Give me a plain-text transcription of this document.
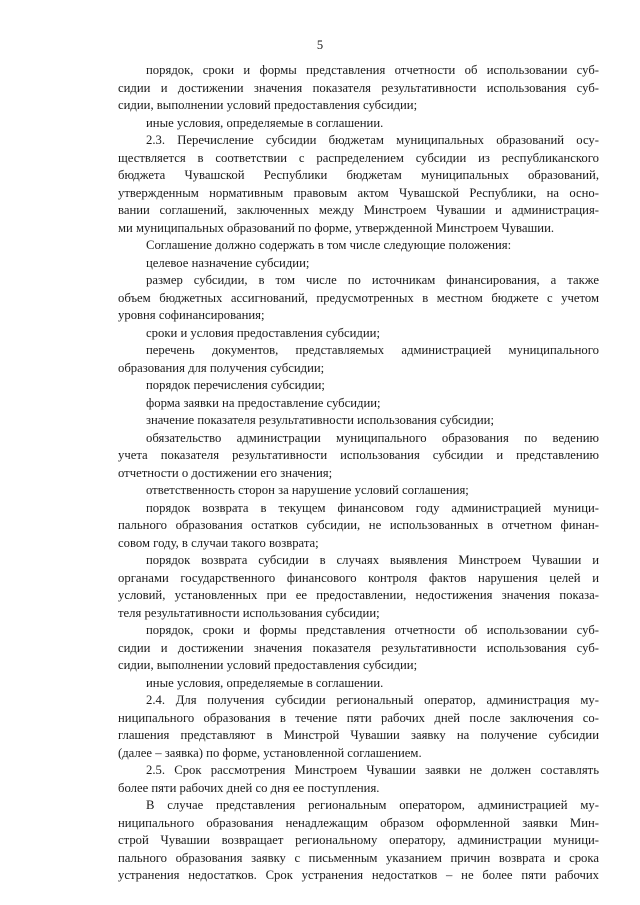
5
порядок, сроки и формы представления отчетности об использовании суб-
сидии и достижении значения показателя результативности использования суб-
сидии, выполнении условий предоставления субсидии;
иные условия, определяемые в соглашении.
2.3. Перечисление субсидии бюджетам муниципальных образований осу-
ществляется в соответствии с распределением субсидии из республиканского
бюджета Чувашской Республики бюджетам муниципальных образований,
утвержденным нормативным правовым актом Чувашской Республики, на осно-
вании соглашений, заключенных между Минстроем Чувашии и администрация-
ми муниципальных образований по форме, утвержденной Минстроем Чувашии.
Соглашение должно содержать в том числе следующие положения:
целевое назначение субсидии;
размер субсидии, в том числе по источникам финансирования, а также
объем бюджетных ассигнований, предусмотренных в местном бюджете с учетом
уровня софинансирования;
сроки и условия предоставления субсидии;
перечень документов, представляемых администрацией муниципального
образования для получения субсидии;
порядок перечисления субсидии;
форма заявки на предоставление субсидии;
значение показателя результативности использования субсидии;
обязательство администрации муниципального образования по ведению
учета показателя результативности использования субсидии и представлению
отчетности о достижении его значения;
ответственность сторон за нарушение условий соглашения;
порядок возврата в текущем финансовом году администрацией муници-
пального образования остатков субсидии, не использованных в отчетном финан-
совом году, в случаи такого возврата;
порядок возврата субсидии в случаях выявления Минстроем Чувашии и
органами государственного финансового контроля фактов нарушения целей и
условий, установленных при ее предоставлении, недостижения значения показа-
теля результативности использования субсидии;
порядок, сроки и формы представления отчетности об использовании суб-
сидии и достижении значения показателя результативности использования суб-
сидии, выполнении условий предоставления субсидии;
иные условия, определяемые в соглашении.
2.4. Для получения субсидии региональный оператор, администрация му-
ниципального образования в течение пяти рабочих дней после заключения со-
глашения представляют в Минстрой Чувашии заявку на получение субсидии
(далее – заявка) по форме, установленной соглашением.
2.5. Срок рассмотрения Минстроем Чувашии заявки не должен составлять
более пяти рабочих дней со дня ее поступления.
В случае представления региональным оператором, администрацией му-
ниципального образования ненадлежащим образом оформленной заявки Мин-
строй Чувашии возвращает региональному оператору, администрации муници-
пального образования заявку с письменным указанием причин возврата и срока
устранения недостатков. Срок устранения недостатков – не более пяти рабочих
